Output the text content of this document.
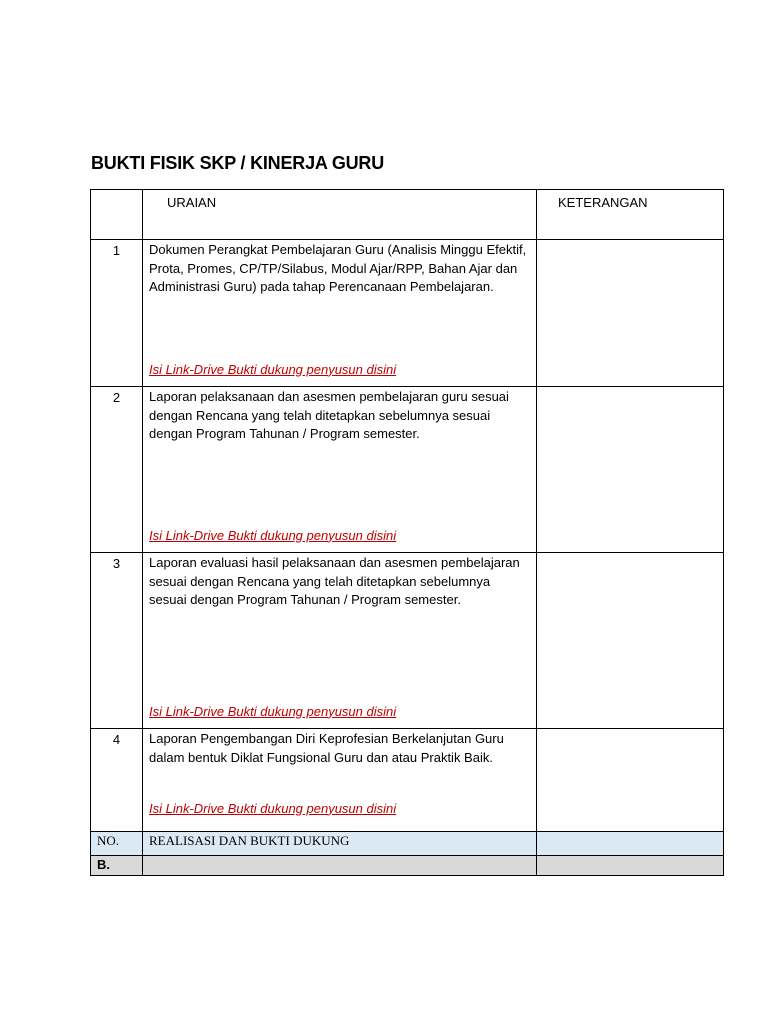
BUKTI FISIK SKP / KINERJA GURU
	URAIAN	KETERANGAN
1	Dokumen Perangkat Pembelajaran Guru (Analisis Minggu Efektif, Prota, Promes, CP/TP/Silabus, Modul Ajar/RPP, Bahan Ajar dan Administrasi Guru) pada tahap Perencanaan Pembelajaran.
Isi Link-Drive Bukti dukung penyusun disini	

2	Laporan pelaksanaan dan asesmen pembelajaran guru sesuai dengan Rencana yang telah ditetapkan sebelumnya sesuai dengan Program Tahunan / Program semester.
Isi Link-Drive Bukti dukung penyusun disini	

3	Laporan evaluasi hasil pelaksanaan dan asesmen pembelajaran sesuai dengan Rencana yang telah ditetapkan sebelumnya sesuai dengan Program Tahunan / Program semester.
Isi Link-Drive Bukti dukung penyusun disini	

4	Laporan Pengembangan Diri Keprofesian Berkelanjutan Guru dalam bentuk Diklat Fungsional Guru dan atau Praktik Baik.
Isi Link-Drive Bukti dukung penyusun disini	

NO.	REALISASI DAN BUKTI DUKUNG	
B.		
